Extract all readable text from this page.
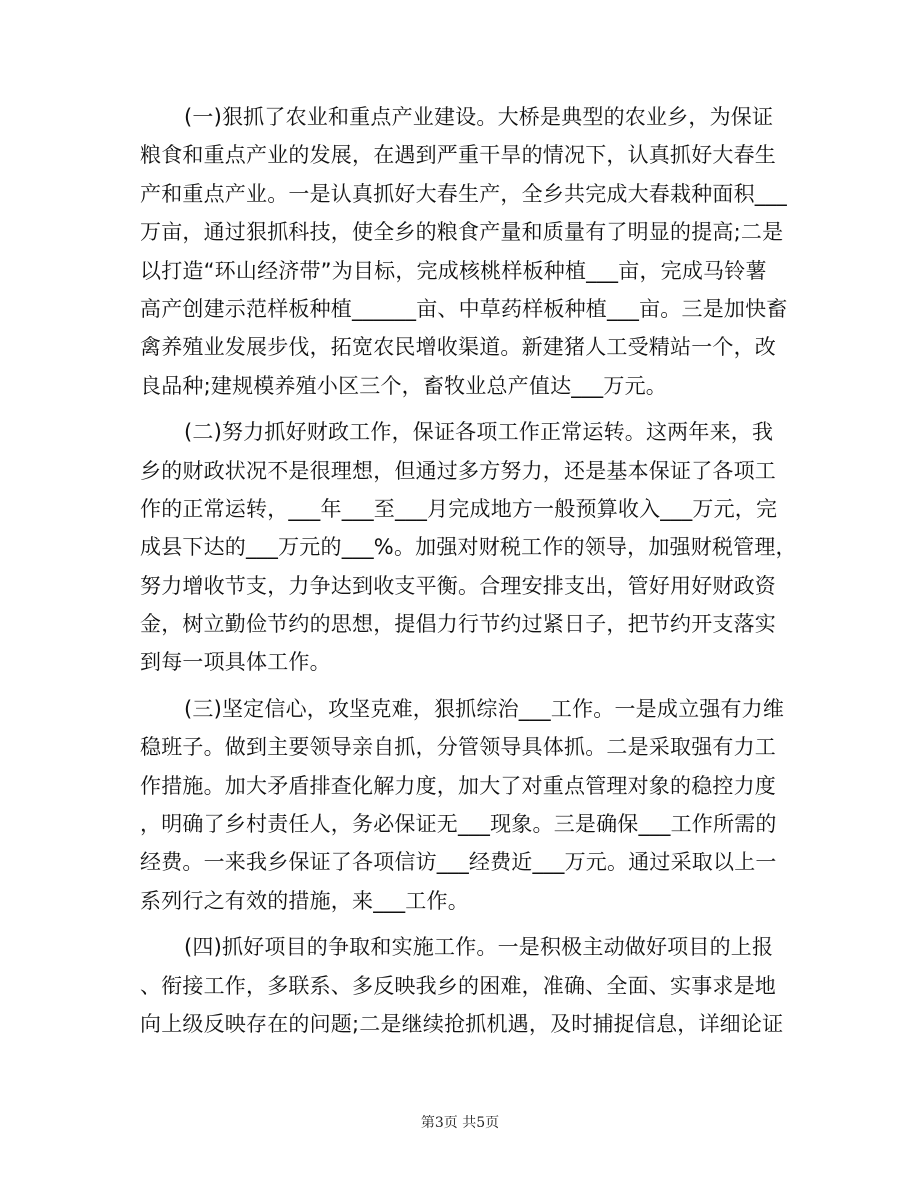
(一)狠抓了农业和重点产业建设。大桥是典型的农业乡，为保证
粮食和重点产业的发展，在遇到严重干旱的情况下，认真抓好大春生
产和重点产业。一是认真抓好大春生产，全乡共完成大春栽种面积___
万亩，通过狠抓科技，使全乡的粮食产量和质量有了明显的提高;二是
以打造“环山经济带”为目标，完成核桃样板种植___亩，完成马铃薯
高产创建示范样板种植______亩、中草药样板种植___亩。三是加快畜
禽养殖业发展步伐，拓宽农民增收渠道。新建猪人工受精站一个，改
良品种;建规模养殖小区三个，畜牧业总产值达___万元。
(二)努力抓好财政工作，保证各项工作正常运转。这两年来，我
乡的财政状况不是很理想，但通过多方努力，还是基本保证了各项工
作的正常运转，___年___至___月完成地方一般预算收入___万元，完
成县下达的___万元的___%。加强对财税工作的领导，加强财税管理，
努力增收节支，力争达到收支平衡。合理安排支出，管好用好财政资
金，树立勤俭节约的思想，提倡力行节约过紧日子，把节约开支落实
到每一项具体工作。
(三)坚定信心，攻坚克难，狠抓综治___工作。一是成立强有力维
稳班子。做到主要领导亲自抓，分管领导具体抓。二是采取强有力工
作措施。加大矛盾排查化解力度，加大了对重点管理对象的稳控力度
，明确了乡村责任人，务必保证无___现象。三是确保___工作所需的
经费。一来我乡保证了各项信访___经费近___万元。通过采取以上一
系列行之有效的措施，来___工作。
(四)抓好项目的争取和实施工作。一是积极主动做好项目的上报
、衔接工作，多联系、多反映我乡的困难，准确、全面、实事求是地
向上级反映存在的问题;二是继续抢抓机遇，及时捕捉信息，详细论证
第3页 共5页
